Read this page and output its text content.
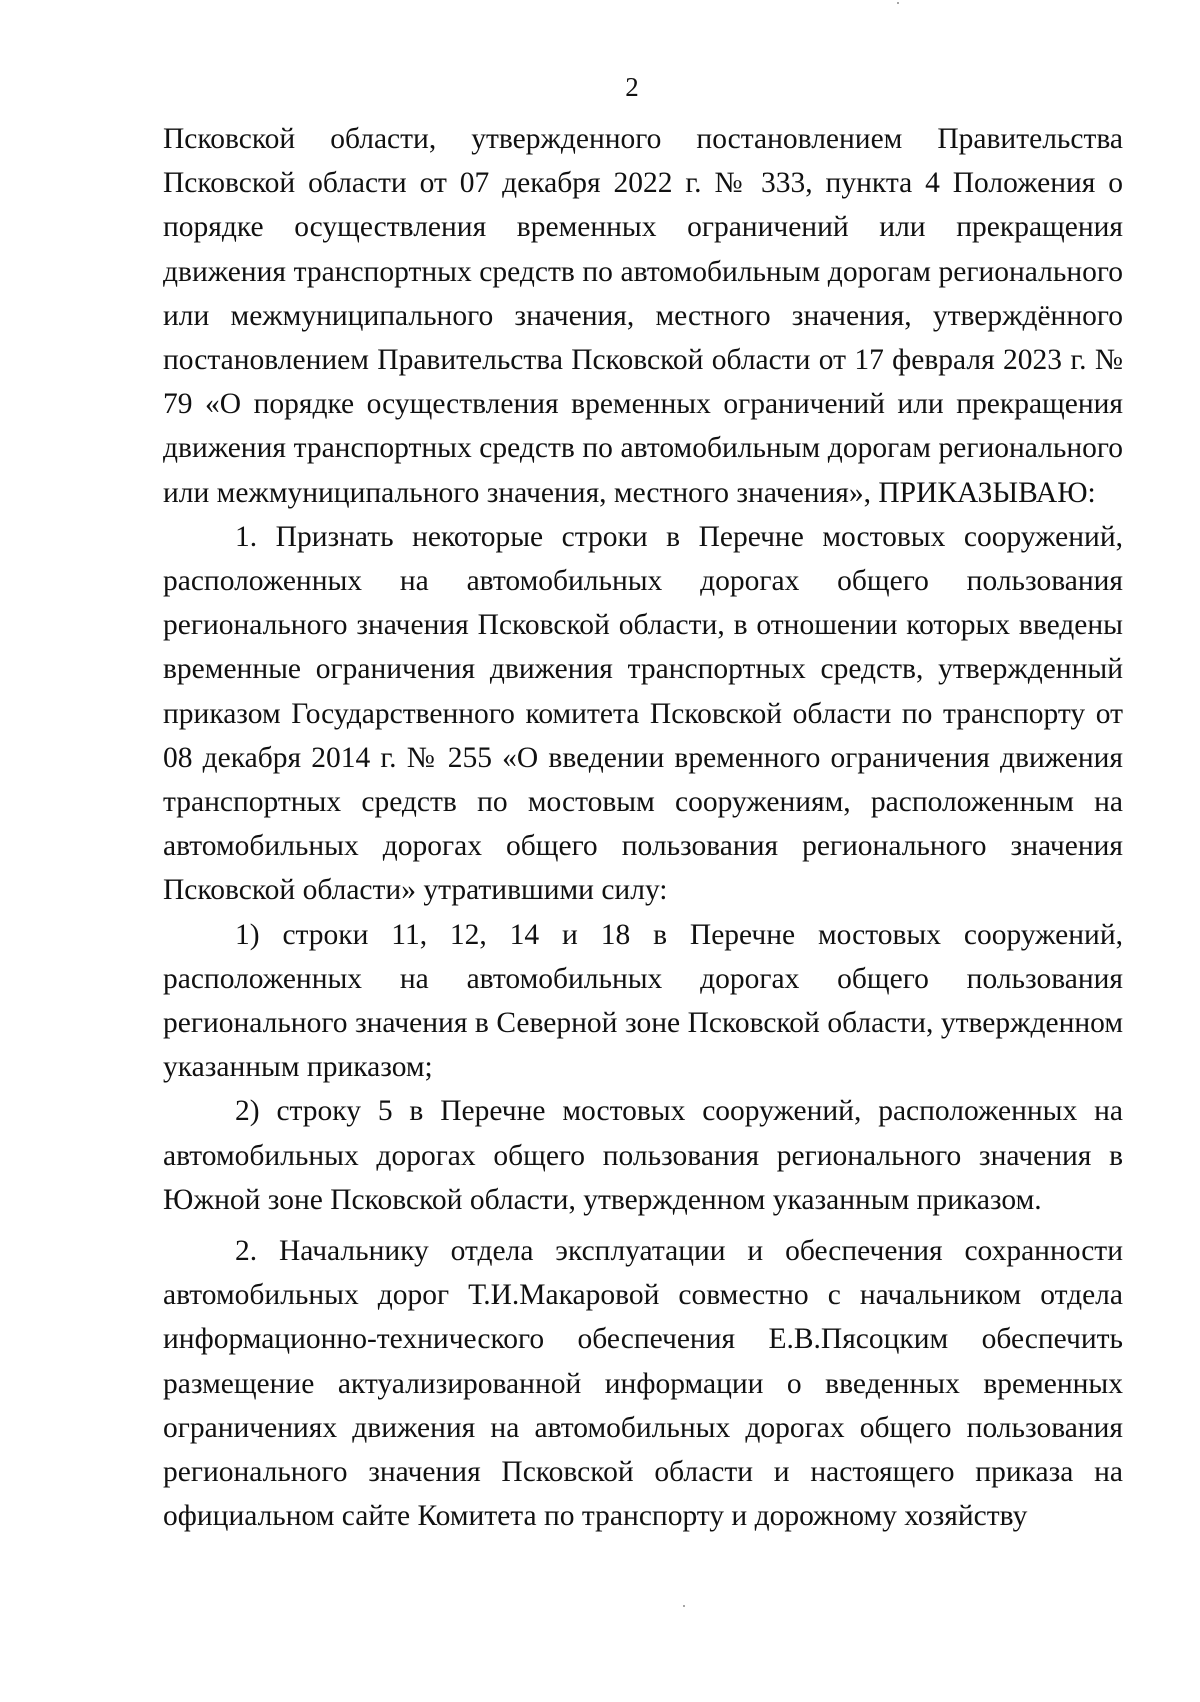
2

Псковской области, утвержденного постановлением Правительства Псковской области от 07 декабря 2022 г. № 333, пункта 4 Положения о порядке осуществления временных ограничений или прекращения движения транспортных средств по автомобильным дорогам регионального или межмуниципального значения, местного значения, утверждённого постановлением Правительства Псковской области от 17 февраля 2023 г. № 79 «О порядке осуществления временных ограничений или прекращения движения транспортных средств по автомобильным дорогам регионального или межмуниципального значения, местного значения», ПРИКАЗЫВАЮ:

1. Признать некоторые строки в Перечне мостовых сооружений, расположенных на автомобильных дорогах общего пользования регионального значения Псковской области, в отношении которых введены временные ограничения движения транспортных средств, утвержденный приказом Государственного комитета Псковской области по транспорту от 08 декабря 2014 г. № 255 «О введении временного ограничения движения транспортных средств по мостовым сооружениям, расположенным на автомобильных дорогах общего пользования регионального значения Псковской области» утратившими силу:

1) строки 11, 12, 14 и 18 в Перечне мостовых сооружений, расположенных на автомобильных дорогах общего пользования регионального значения в Северной зоне Псковской области, утвержденном указанным приказом;

2) строку 5 в Перечне мостовых сооружений, расположенных на автомобильных дорогах общего пользования регионального значения в Южной зоне Псковской области, утвержденном указанным приказом.

2. Начальнику отдела эксплуатации и обеспечения сохранности автомобильных дорог Т.И.Макаровой совместно с начальником отдела информационно-технического обеспечения Е.В.Пясоцким обеспечить размещение актуализированной информации о введенных временных ограничениях движения на автомобильных дорогах общего пользования регионального значения Псковской области и настоящего приказа на официальном сайте Комитета по транспорту и дорожному хозяйству
